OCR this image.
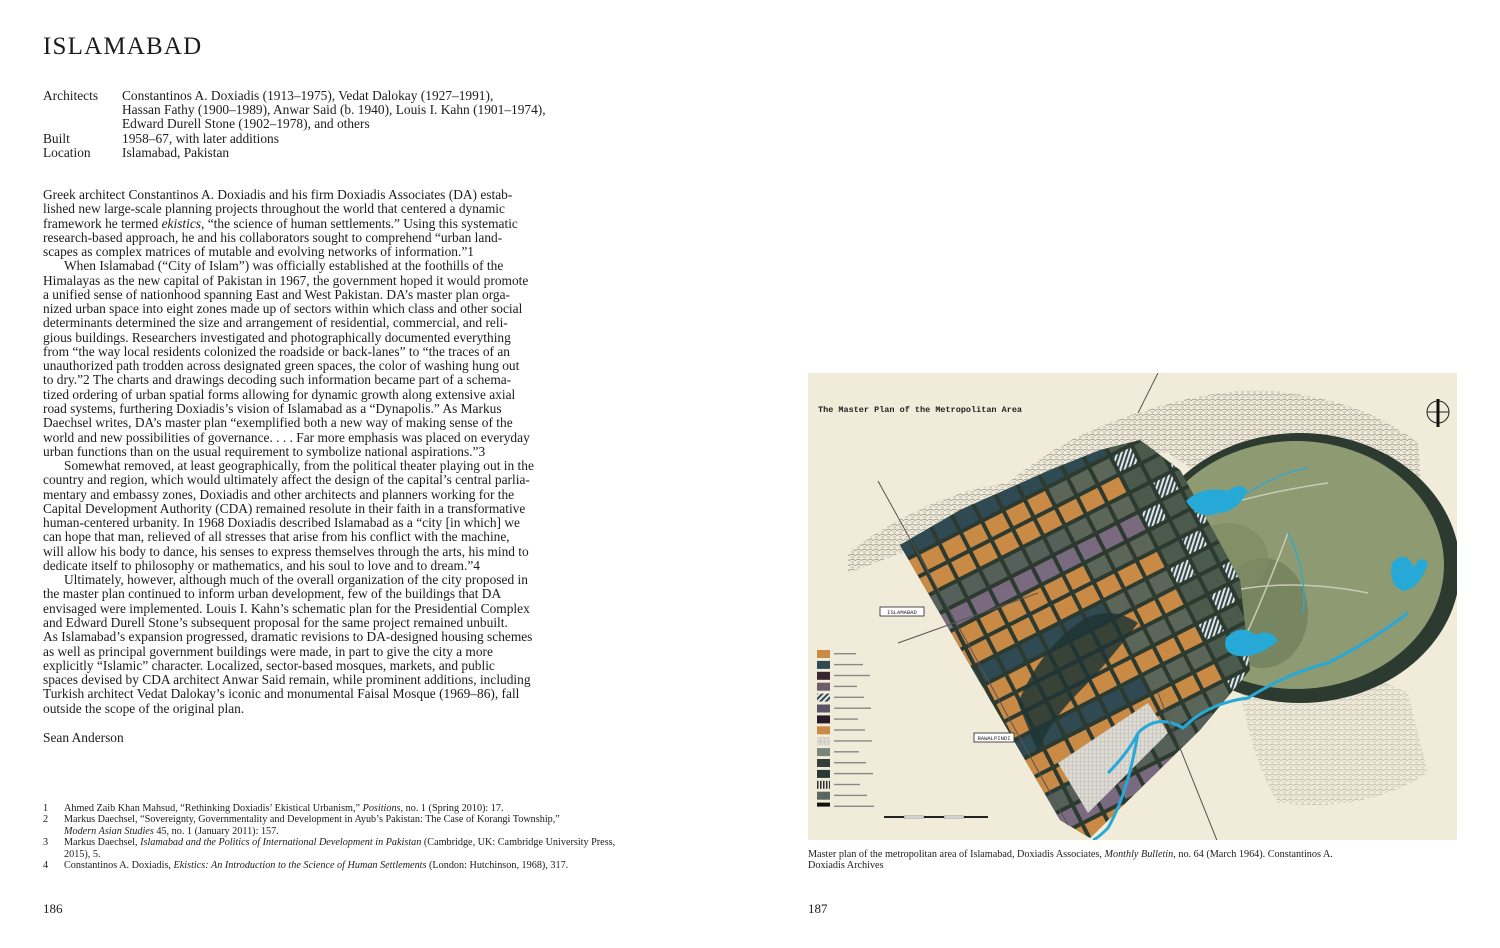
ISLAMABAD
Architects	Constantinos A. Doxiadis (1913–1975), Vedat Dalokay (1927–1991),
Hassan Fathy (1900–1989), Anwar Said (b. 1940), Louis I. Kahn (1901–1974),
Edward Durell Stone (1902–1978), and others
Built	1958–67, with later additions
Location	Islamabad, Pakistan
Greek architect Constantinos A. Doxiadis and his firm Doxiadis Associates (DA) estab-
lished new large-scale planning projects throughout the world that centered a dynamic
framework he termed ekistics, “the science of human settlements.” Using this systematic
research-based approach, he and his collaborators sought to comprehend “urban land-
scapes as complex matrices of mutable and evolving networks of information.”1
When Islamabad (“City of Islam”) was officially established at the foothills of the
Himalayas as the new capital of Pakistan in 1967, the government hoped it would promote
a unified sense of nationhood spanning East and West Pakistan. DA’s master plan orga-
nized urban space into eight zones made up of sectors within which class and other social
determinants determined the size and arrangement of residential, commercial, and reli-
gious buildings. Researchers investigated and photographically documented everything
from “the way local residents colonized the roadside or back-lanes” to “the traces of an
unauthorized path trodden across designated green spaces, the color of washing hung out
to dry.”2 The charts and drawings decoding such information became part of a schema-
tized ordering of urban spatial forms allowing for dynamic growth along extensive axial
road systems, furthering Doxiadis’s vision of Islamabad as a “Dynapolis.” As Markus
Daechsel writes, DA’s master plan “exemplified both a new way of making sense of the
world and new possibilities of governance. . . . Far more emphasis was placed on everyday
urban functions than on the usual requirement to symbolize national aspirations.”3
Somewhat removed, at least geographically, from the political theater playing out in the
country and region, which would ultimately affect the design of the capital’s central parlia-
mentary and embassy zones, Doxiadis and other architects and planners working for the
Capital Development Authority (CDA) remained resolute in their faith in a transformative
human-centered urbanity. In 1968 Doxiadis described Islamabad as a “city [in which] we
can hope that man, relieved of all stresses that arise from his conflict with the machine,
will allow his body to dance, his senses to express themselves through the arts, his mind to
dedicate itself to philosophy or mathematics, and his soul to love and to dream.”4
Ultimately, however, although much of the overall organization of the city proposed in
the master plan continued to inform urban development, few of the buildings that DA
envisaged were implemented. Louis I. Kahn’s schematic plan for the Presidential Complex
and Edward Durell Stone’s subsequent proposal for the same project remained unbuilt.
As Islamabad’s expansion progressed, dramatic revisions to DA-designed housing schemes
as well as principal government buildings were made, in part to give the city a more
explicitly “Islamic” character. Localized, sector-based mosques, markets, and public
spaces devised by CDA architect Anwar Said remain, while prominent additions, including
Turkish architect Vedat Dalokay’s iconic and monumental Faisal Mosque (1969–86), fall
outside the scope of the original plan.
Sean Anderson
1	Ahmed Zaib Khan Mahsud, “Rethinking Doxiadis’ Ekistical Urbanism,” Positions, no. 1 (Spring 2010): 17.
2	Markus Daechsel, “Sovereignty, Governmentality and Development in Ayub’s Pakistan: The Case of Korangi Township,”
Modern Asian Studies 45, no. 1 (January 2011): 157.
3	Markus Daechsel, Islamabad and the Politics of International Development in Pakistan (Cambridge, UK: Cambridge University Press,
2015), 5.
4	Constantinos A. Doxiadis, Ekistics: An Introduction to the Science of Human Settlements (London: Hutchinson, 1968), 317.
186
The Master Plan of the Metropolitan Area
ISLAMABAD
RAWALPINDI
Master plan of the metropolitan area of Islamabad, Doxiadis Associates, Monthly Bulletin, no. 64 (March 1964). Constantinos A.
Doxiadis Archives
187
